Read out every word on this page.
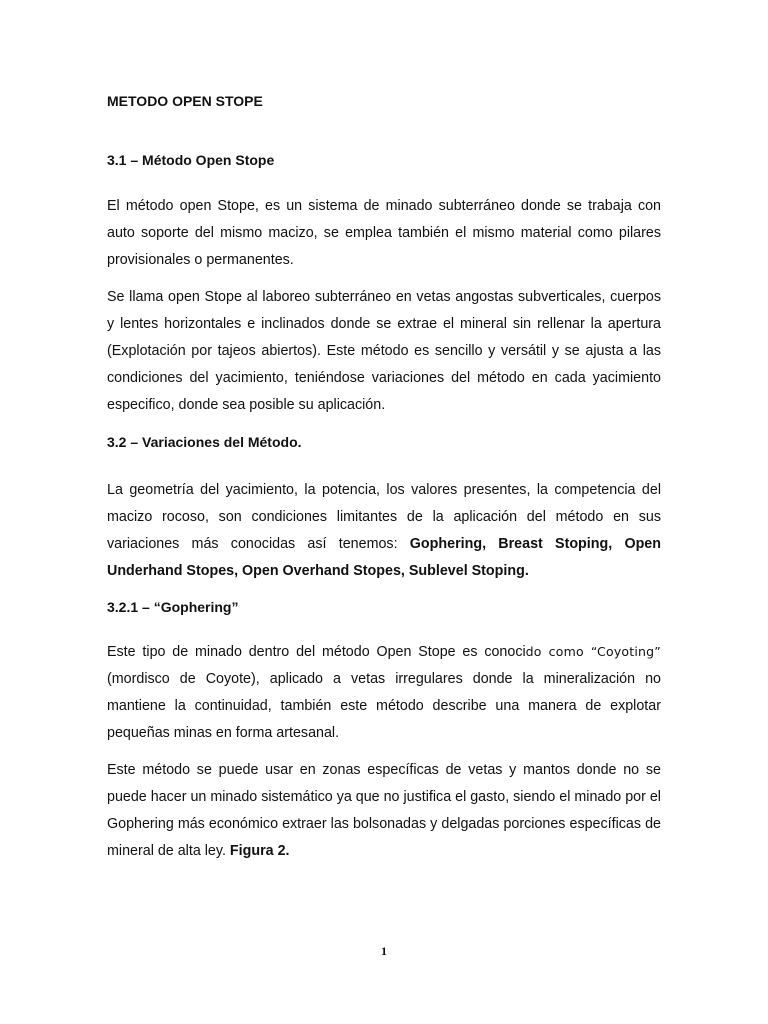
METODO OPEN STOPE
3.1 – Método Open Stope

El método open Stope, es un sistema de minado subterráneo donde se trabaja con auto soporte del mismo macizo, se emplea también el mismo material como pilares provisionales o permanentes.

Se llama open Stope al laboreo subterráneo en vetas angostas subverticales, cuerpos y lentes horizontales e inclinados donde se extrae el mineral sin rellenar la apertura (Explotación por tajeos abiertos). Este método es sencillo y versátil y se ajusta a las condiciones del yacimiento, teniéndose variaciones del método en cada yacimiento especifico, donde sea posible su aplicación.

3.2 – Variaciones del Método.

La geometría del yacimiento, la potencia, los valores presentes, la competencia del macizo rocoso, son condiciones limitantes de la aplicación del método en sus variaciones más conocidas así tenemos: Gophering, Breast Stoping, Open Underhand Stopes, Open Overhand Stopes, Sublevel Stoping.

3.2.1 – “Gophering”

Este tipo de minado dentro del método Open Stope es conocido como “Coyoting” (mordisco de Coyote), aplicado a vetas irregulares donde la mineralización no mantiene la continuidad, también este método describe una manera de explotar pequeñas minas en forma artesanal.

Este método se puede usar en zonas específicas de vetas y mantos donde no se puede hacer un minado sistemático ya que no justifica el gasto, siendo el minado por el Gophering más económico extraer las bolsonadas y delgadas porciones específicas de mineral de alta ley. Figura 2.

1
